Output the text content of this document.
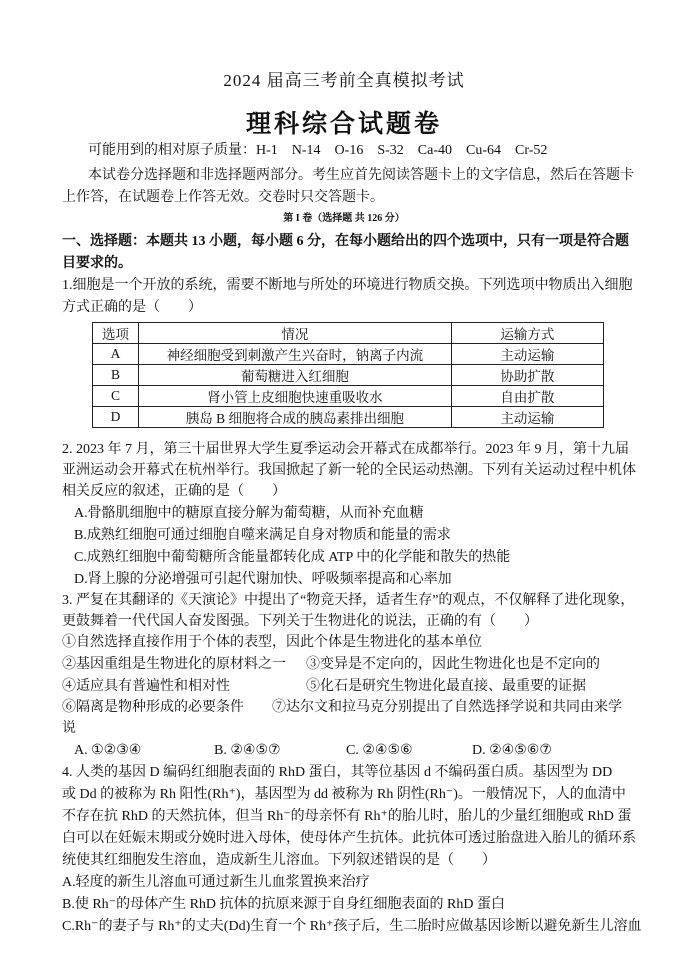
2024 届高三考前全真模拟考试
理科综合试题卷
可能用到的相对原子质量：H-1　N-14　O-16　S-32　Ca-40　Cu-64　Cr-52
本试卷分选择题和非选择题两部分。考生应首先阅读答题卡上的文字信息，然后在答题卡
上作答，在试题卷上作答无效。交卷时只交答题卡。
第 I 卷（选择题 共 126 分）
一、选择题：本题共 13 小题，每小题 6 分，在每小题给出的四个选项中，只有一项是符合题
目要求的。
1.细胞是一个开放的系统，需要不断地与所处的环境进行物质交换。下列选项中物质出入细胞
方式正确的是（　　）
选项	情况	运输方式
A	神经细胞受到刺激产生兴奋时，钠离子内流	主动运输
B	葡萄糖进入红细胞	协助扩散
C	肾小管上皮细胞快速重吸收水	自由扩散
D	胰岛 B 细胞将合成的胰岛素排出细胞	主动运输
2. 2023 年 7 月，第三十届世界大学生夏季运动会开幕式在成都举行。2023 年 9 月，第十九届
亚洲运动会开幕式在杭州举行。我国掀起了新一轮的全民运动热潮。下列有关运动过程中机体
相关反应的叙述，正确的是（　　）
A.骨骼肌细胞中的糖原直接分解为葡萄糖，从而补充血糖
B.成熟红细胞可通过细胞自噬来满足自身对物质和能量的需求
C.成熟红细胞中葡萄糖所含能量都转化成 ATP 中的化学能和散失的热能
D.肾上腺的分泌增强可引起代谢加快、呼吸频率提高和心率加
3. 严复在其翻译的《天演论》中提出了“物竞天择，适者生存”的观点，不仅解释了进化现象，
更鼓舞着一代代国人奋发图强。下列关于生物进化的说法，正确的有（　　）
①自然选择直接作用于个体的表型，因此个体是生物进化的基本单位
②基因重组是生物进化的原材料之一 ③变异是不定向的，因此生物进化也是不定向的
④适应具有普遍性和相对性	⑤化石是研究生物进化最直接、最重要的证据
⑥隔离是物种形成的必要条件 ⑦达尔文和拉马克分别提出了自然选择学说和共同由来学
说
A. ①②③④	B. ②④⑤⑦	C. ②④⑤⑥	D. ②④⑤⑥⑦
4. 人类的基因 D 编码红细胞表面的 RhD 蛋白，其等位基因 d 不编码蛋白质。基因型为 DD
或 Dd 的被称为 Rh 阳性(Rh⁺)，基因型为 dd 被称为 Rh 阴性(Rh⁻)。一般情况下，人的血清中
不存在抗 RhD 的天然抗体，但当 Rh⁻的母亲怀有 Rh⁺的胎儿时，胎儿的少量红细胞或 RhD 蛋
白可以在妊娠末期或分娩时进入母体，使母体产生抗体。此抗体可透过胎盘进入胎儿的循环系
统使其红细胞发生溶血，造成新生儿溶血。下列叙述错误的是（　　）
A.轻度的新生儿溶血可通过新生儿血浆置换来治疗
B.使 Rh⁻的母体产生 RhD 抗体的抗原来源于自身红细胞表面的 RhD 蛋白
C.Rh⁻的妻子与 Rh⁺的丈夫(Dd)生育一个 Rh⁺孩子后，生二胎时应做基因诊断以避免新生儿溶血
